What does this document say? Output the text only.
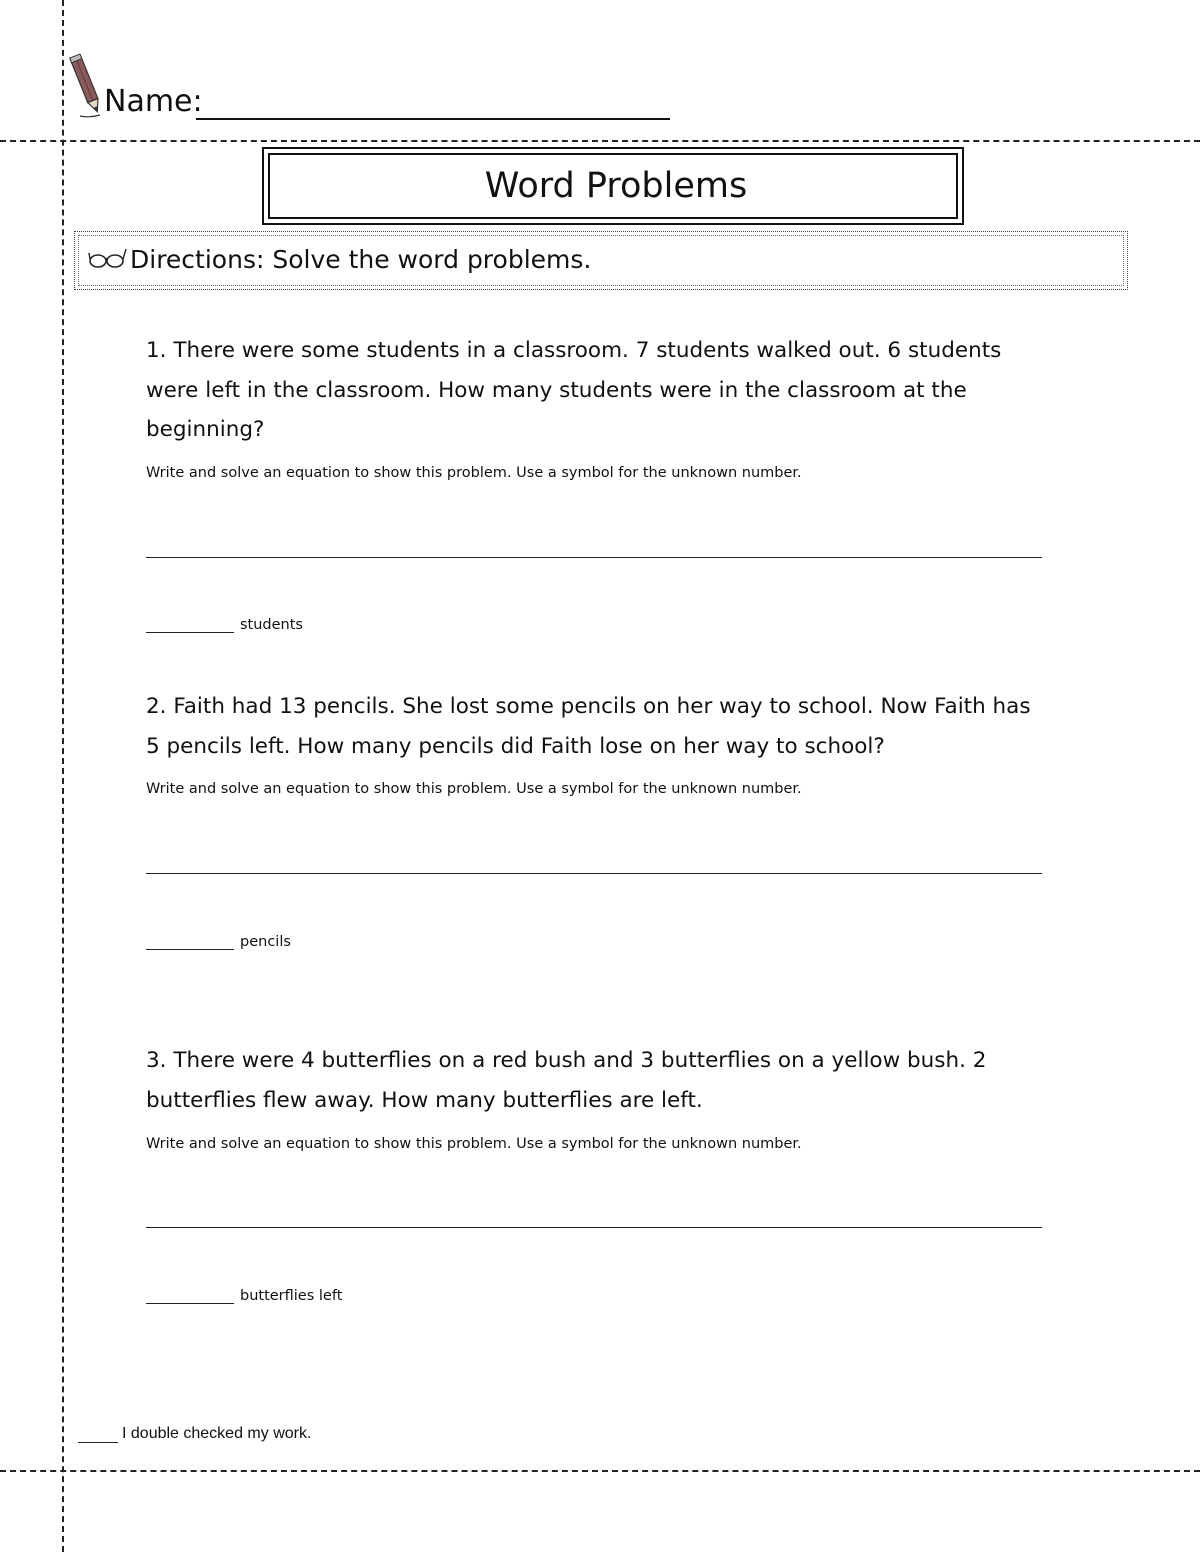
Name:
Word Problems
Directions: Solve the word problems.

1. There were some students in a classroom. 7 students walked out. 6 students were left in the classroom. How many students were in the classroom at the beginning?

Write and solve an equation to show this problem. Use a symbol for the unknown number.
students

2. Faith had 13 pencils. She lost some pencils on her way to school. Now Faith has 5 pencils left. How many pencils did Faith lose on her way to school?

Write and solve an equation to show this problem. Use a symbol for the unknown number.
pencils

3. There were 4 butterflies on a red bush and 3 butterflies on a yellow bush. 2 butterflies flew away. How many butterflies are left.

Write and solve an equation to show this problem. Use a symbol for the unknown number.
butterflies left
I double checked my work.
